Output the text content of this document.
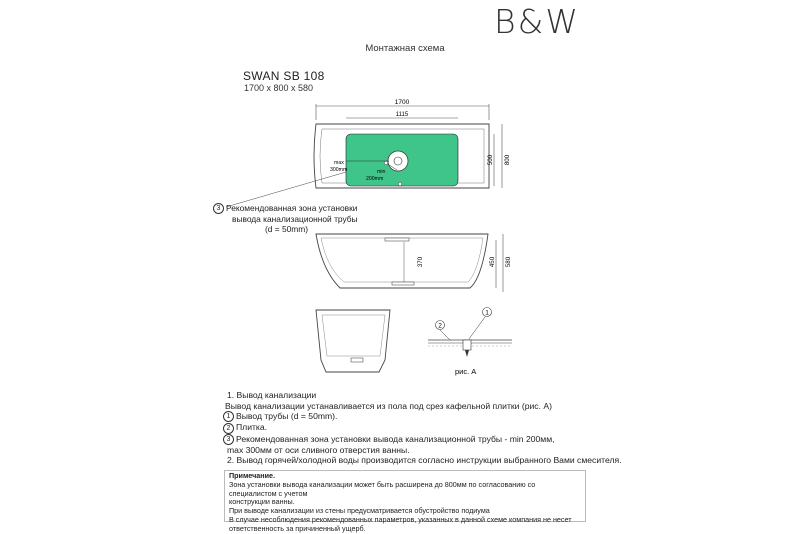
B&W
Монтажная схема
SWAN SB 108
1700 x 800 x 580
1700
1115
max
300mm	min
200mm
500 800
370	450 580
2
1
рис. А
3 Рекомендованная зона установки
вывода канализационной трубы
(d = 50mm)
1. Вывод канализации
Вывод канализации устанавливается из пола под срез кафельной плитки (рис. А)
1 Вывод трубы (d = 50mm).
2 Плитка.
3 Рекомендованная зона установки вывода канализационной трубы - min 200мм,
max 300мм от оси сливного отверстия ванны.
2. Вывод горячей/холодной воды производится согласно инструкции выбранного Вами смесителя.
Примечание.
Зона установки вывода канализации может быть расширена до 800мм по согласованию со специалистом с учетом
конструкции ванны.
При выводе канализации из стены предусматривается обустройство подиума
В случае несоблюдения рекомендованных параметров, указанных в данной схеме компания не несет
ответственность за причиненный ущерб.
